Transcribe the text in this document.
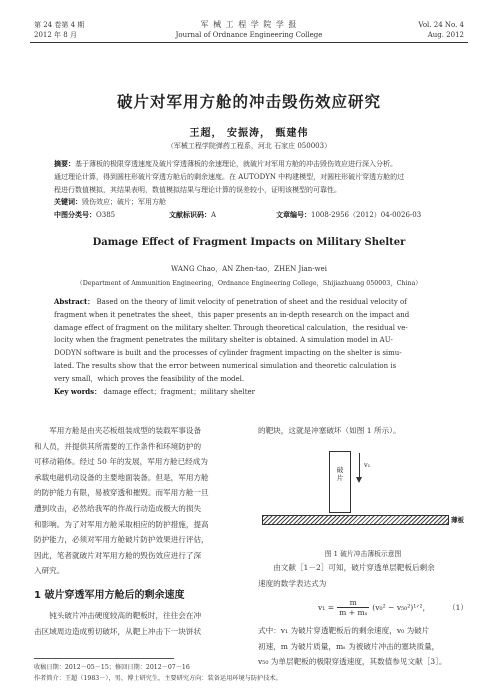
第 24 卷第 4 期
2012 年 8 月
军 械 工 程 学 院 学 报
Journal of Ordnance Engineering College
Vol. 24 No. 4
Aug. 2012
破片对军用方舱的冲击毁伤效应研究
王超， 安振涛， 甄建伟
（军械工程学院弹药工程系，河北 石家庄 050003）
摘要：基于薄板的极限穿透速度及破片穿透薄板的余速理论，就破片对军用方舱的冲击毁伤效应进行深入分析。
通过理论计算，得到圆柱形破片穿透方舱后的剩余速度。在 AUTODYN 中构建模型，对圆柱形破片穿透方舱的过
程进行数值模拟，其结果表明，数值模拟结果与理论计算的误差较小，证明该模型的可靠性。
关键词：毁伤效应；破片；军用方舱
中图分类号：O385	文献标识码：A	文章编号：1008-2956（2012）04-0026-03
Damage Effect of Fragment Impacts on Military Shelter
WANG Chao，AN Zhen-tao，ZHEN Jian-wei
（Department of Ammunition Engineering，Ordnance Engineering College，Shijiazhuang 050003，China）
Abstract： Based on the theory of limit velocity of penetration of sheet and the residual velocity of
fragment when it penetrates the sheet，this paper presents an in-depth research on the impact and
damage effect of fragment on the military shelter. Through theoretical calculation，the residual ve-
locity when the fragment penetrates the military shelter is obtained. A simulation model in AU-
DODYN software is built and the processes of cylinder fragment impacting on the shelter is simu-
lated. The results show that the error between numerical simulation and theoretic calculation is
very small，which proves the feasibility of the model.
Key words： damage effect；fragment；military shelter
军用方舱是由夹芯板组装成型的装载军事设备
和人员，并提供其所需要的工作条件和环境防护的
可移动箱体。经过 50 年的发展，军用方舱已经成为
承载电磁机动设备的主要地面装备。但是，军用方舱
的防护能力有限，易被穿透和摧毁。而军用方舱一旦
遭到攻击，必然给我军的作战行动造成极大的损失
和影响。为了对军用方舱采取相应的防护措施，提高
防护能力，必须对军用方舱破片防护效果进行评估，
因此，笔者就破片对军用方舱的毁伤效应进行了深
入研究。
1 破片穿透军用方舱后的剩余速度
钝头破片冲击硬度较高的靶板时，往往会在冲
击区域周边造成剪切破坏，从靶上冲击下一块饼状
的靶块，这就是冲塞破坏（如图 1 所示）。
破
片
v₁
薄板
图 1 破片冲击薄板示意图
由文献［1－2］可知，破片穿透单层靶板后剩余
速度的数学表达式为
$v_1 = \frac{m}{\text{m + mₛ}} (v_0^2$ − v₅₀²)¹ᐟ²， （1）
式中：v₁ 为破片穿透靶板后的剩余速度，v₀ 为破片
初速，m 为破片质量，mₛ 为被破片冲击的塞块质量，
v₅₀ 为单层靶板的极限穿透速度，其数值参见文献［3］。
收稿日期：2012－05－15；修回日期：2012－07－16
作者简介：王超（1983－），男，博士研究生，主要研究方向：装备运用环境与防护技术。
